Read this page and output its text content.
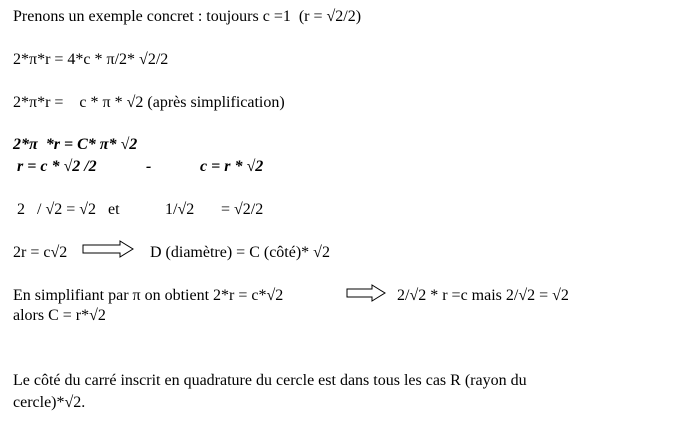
Prenons un exemple concret : toujours c =1  (r = √2/2)
2*π*r = 4*c * π/2* √2/2
2*π*r =    c * π * √2 (après simplification)
2*π  *r = C* π* √2
r = c * √2 /2	-	c = r * √2
2   / √2 = √2   et	1/√2 = √2/2
2r = c√2	D (diamètre) = C (côté)* √2
En simplifiant par π on obtient 2*r = c*√2	2/√2 * r =c mais 2/√2 = √2
alors C = r*√2
Le côté du carré inscrit en quadrature du cercle est dans tous les cas R (rayon du
cercle)*√2.
